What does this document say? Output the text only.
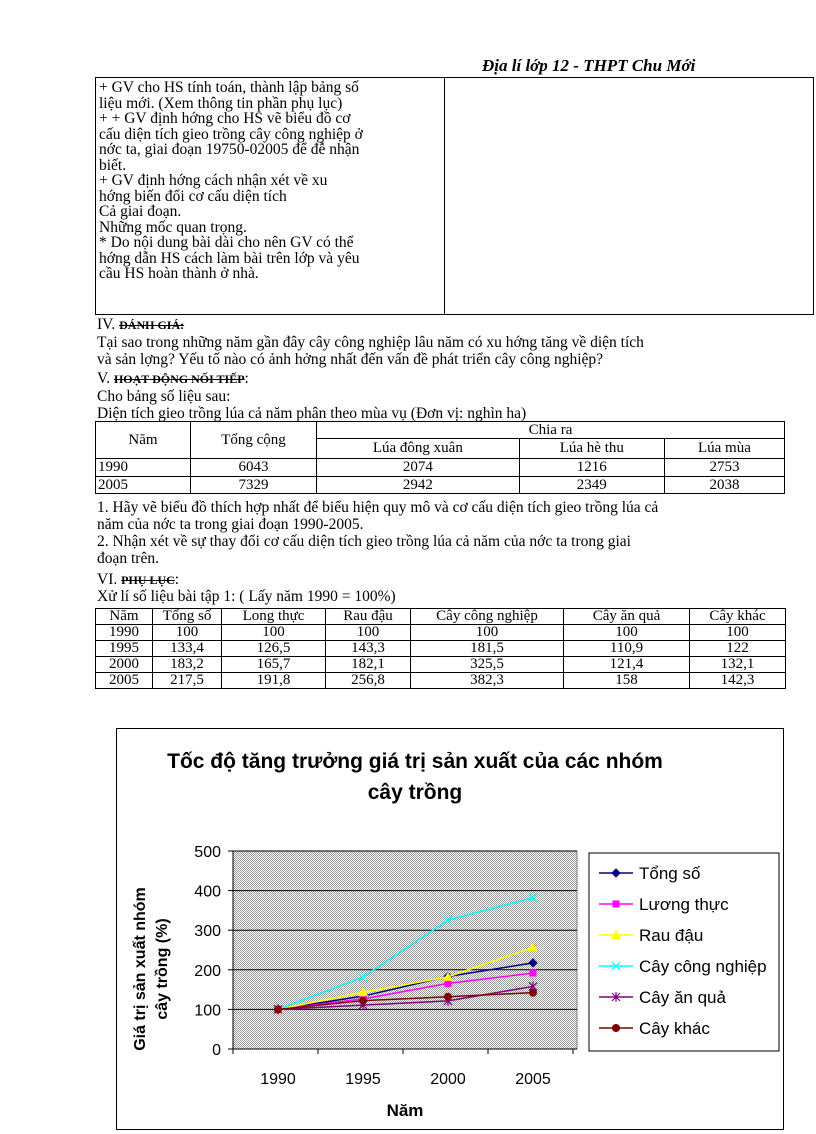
Địa lí lớp 12 - THPT Chu Mới
+ GV cho HS tính toán, thành lập bảng số
liệu mới. (Xem thông tin phần phụ lục)
+ + GV định hớng cho HS vẽ biểu đồ cơ
cấu diện tích gieo trồng cây công nghiệp ở
nớc ta, giai đoạn 19750-02005 để đễ nhận
biết.
+ GV định hớng cách nhận xét về xu
hớng biến đổi cơ cấu diện tích
Cả giai đoạn.
Những mốc quan trọng.
* Do nội dung bài dài cho nên GV có thể
hớng dẫn HS cách làm bài trên lớp và yêu
cầu HS hoàn thành ở nhà.

IV. ĐÁNH GIÁ:
Tại sao trong những năm gần đây cây công nghiệp lâu năm có xu hớng tăng về diện tích
và sản lợng? Yếu tố nào có ảnh hởng nhất đến vấn đề phát triển cây công nghiệp?
V. HOẠT ĐỘNG NỐI TIẾP:
Cho bảng số liệu sau:
Diện tích gieo trồng lúa cả năm phân theo mùa vụ (Đơn vị: nghìn ha)
Năm	Tổng cộng	Chia ra		
		Lúa đông xuân	Lúa hè thu	Lúa mùa
1990	6043	2074	1216	2753
2005	7329	2942	2349	2038
1. Hãy vẽ biểu đồ thích hợp nhất để biểu hiện quy mô và cơ cấu diện tích gieo trồng lúa cả
năm của nớc ta trong giai đoạn 1990-2005.
2. Nhận xét về sự thay đổi cơ cấu diện tích gieo trồng lúa cả năm của nớc ta trong giai
đoạn trên.
VI. PHỤ LỤC:
Xử lí số liệu bài tập 1: ( Lấy năm 1990 = 100%)
Năm	Tổng số	Long thực	Rau đậu	Cây công nghiệp	Cây ăn quả	Cây khác
1990	100	100	100	100	100	100
1995	133,4	126,5	143,3	181,5	110,9	122
2000	183,2	165,7	182,1	325,5	121,4	132,1
2005	217,5	191,8	256,8	382,3	158	142,3
Tốc độ tăng trưởng giá trị sản xuất của các nhóm
cây trồng
0
100
200
300
400
500
1990	1995	2000	2005
Giá trị sản xuất nhóm cây trồng (%)
Năm
Tổng số
Lương thực
Rau đậu
Cây công nghiệp
Cây ăn quả
Cây khác
